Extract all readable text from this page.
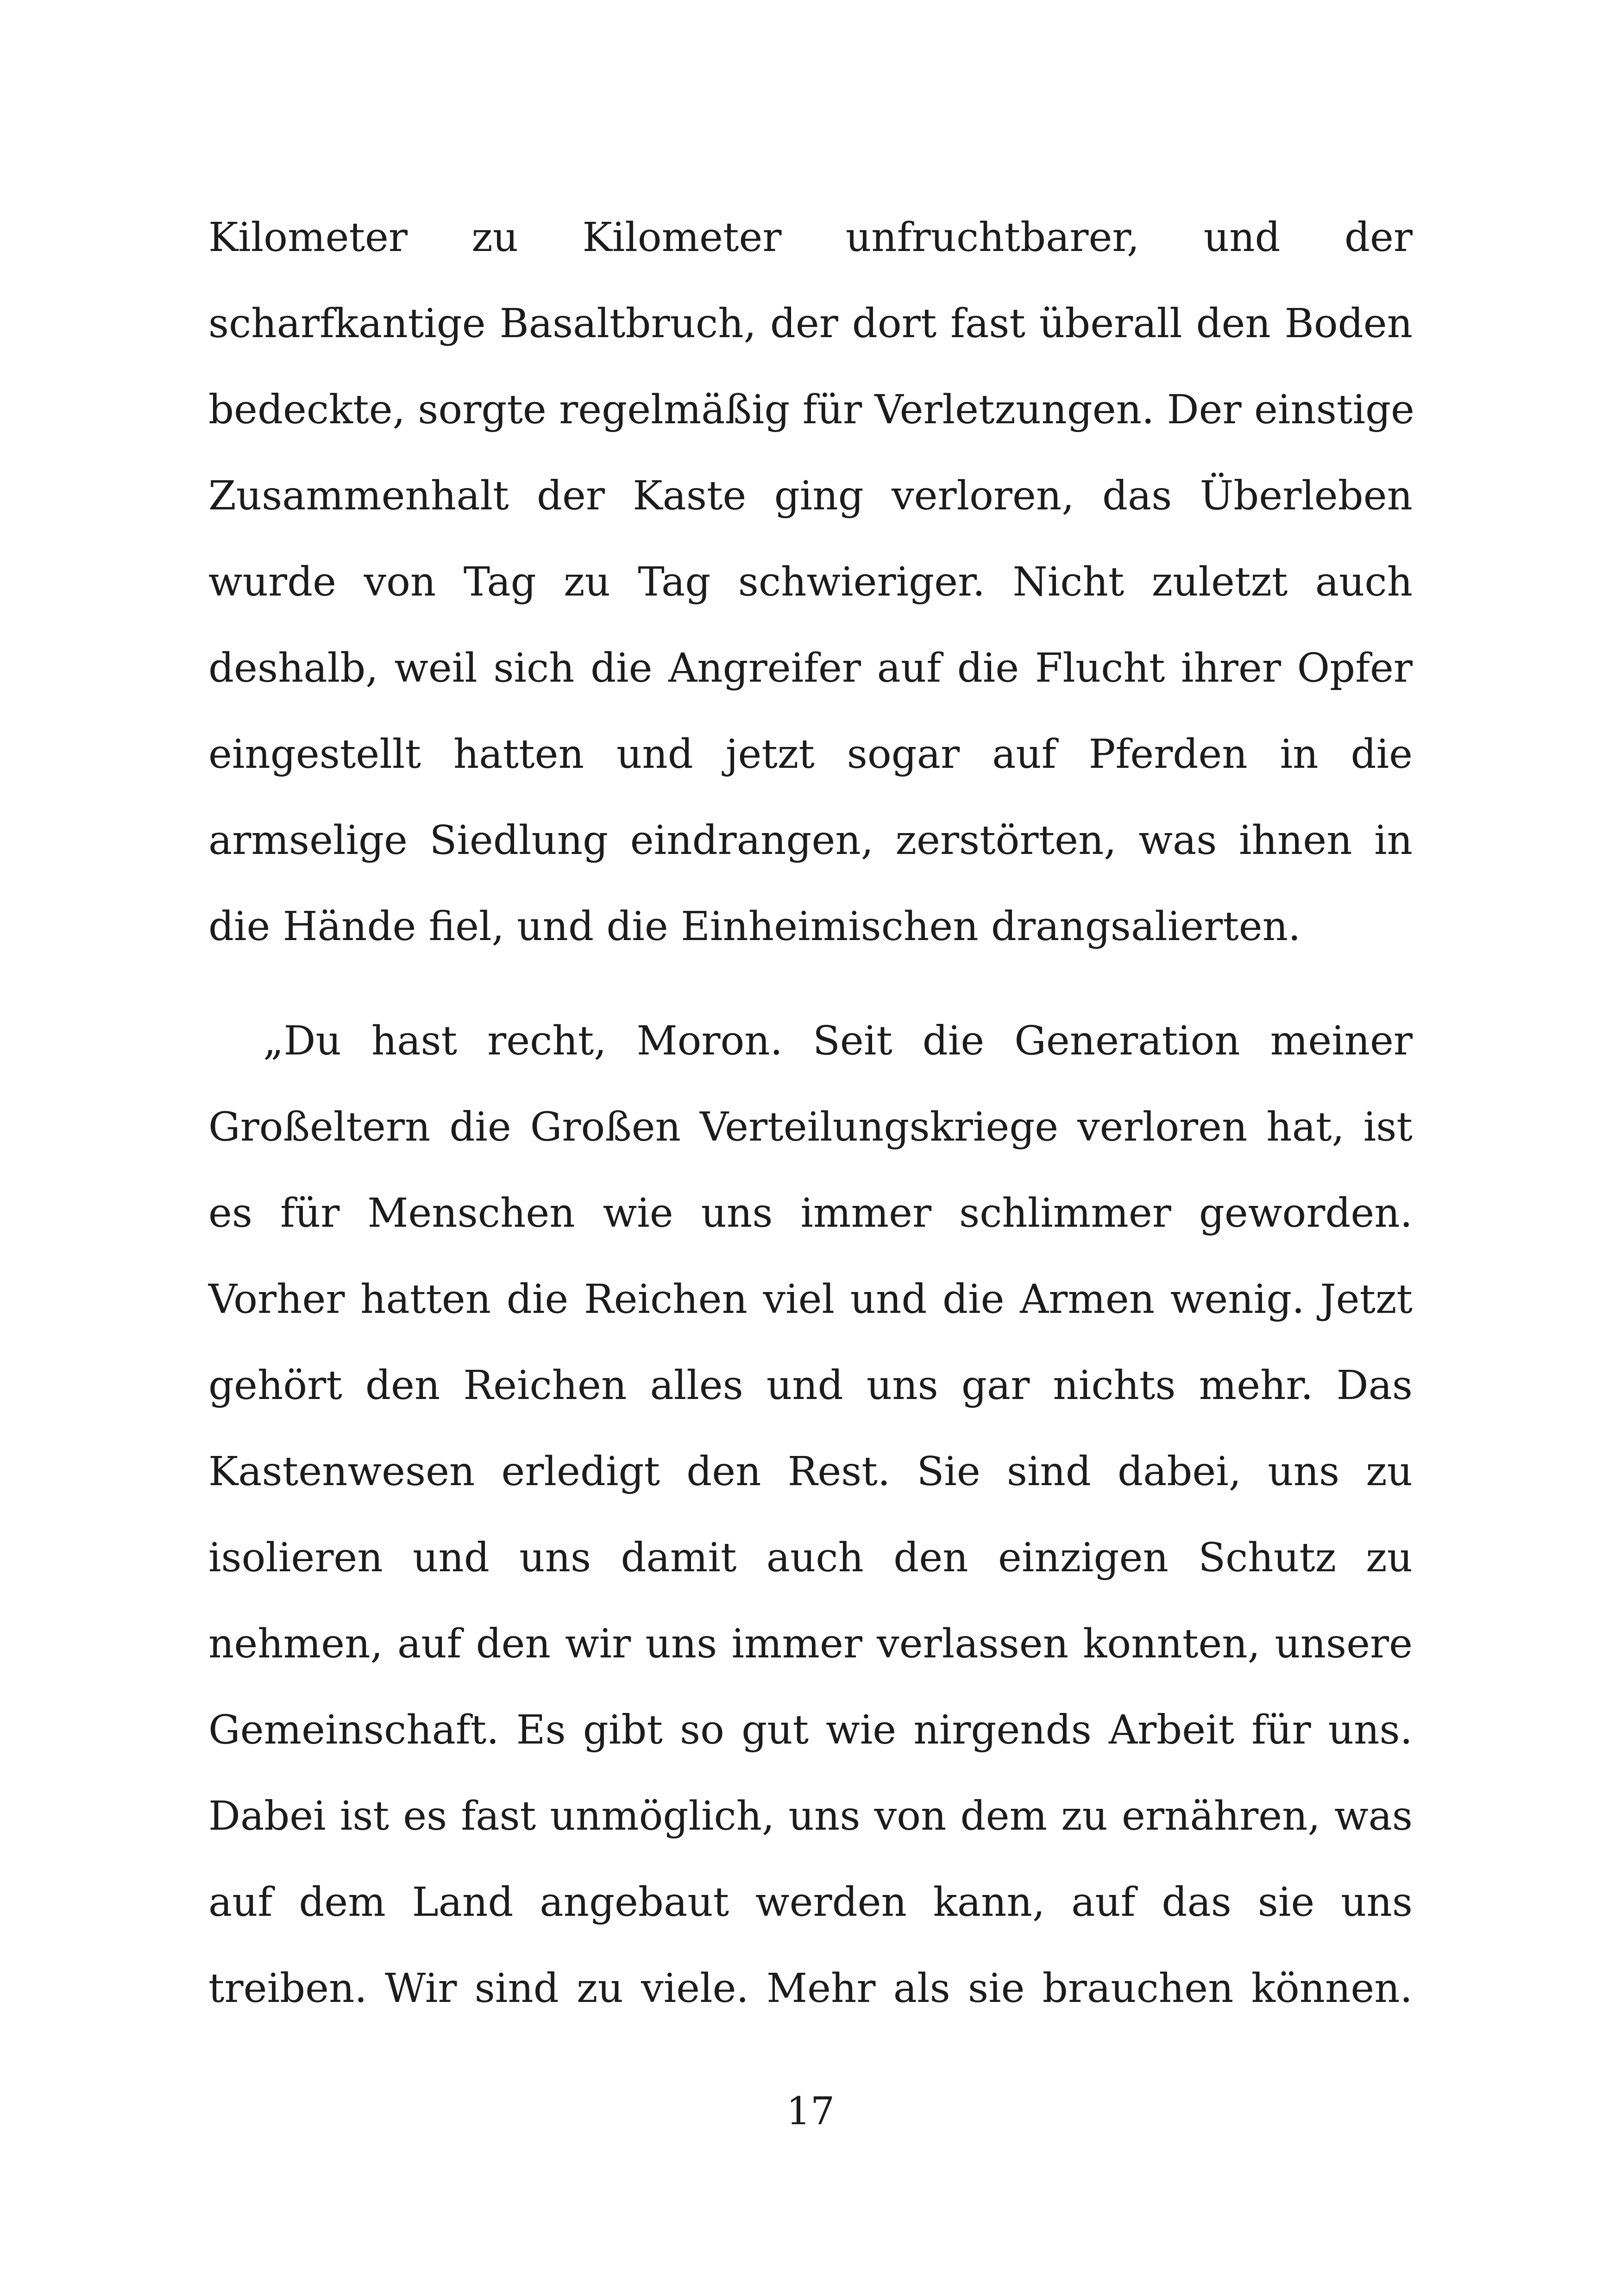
Kilometer zu Kilometer unfruchtbarer, und der
scharfkantige Basaltbruch, der dort fast überall den Boden
bedeckte, sorgte regelmäßig für Verletzungen. Der einstige
Zusammenhalt der Kaste ging verloren, das Überleben
wurde von Tag zu Tag schwieriger. Nicht zuletzt auch
deshalb, weil sich die Angreifer auf die Flucht ihrer Opfer
eingestellt hatten und jetzt sogar auf Pferden in die
armselige Siedlung eindrangen, zerstörten, was ihnen in
die Hände fiel, und die Einheimischen drangsalierten.
„Du hast recht, Moron. Seit die Generation meiner
Großeltern die Großen Verteilungskriege verloren hat, ist
es für Menschen wie uns immer schlimmer geworden.
Vorher hatten die Reichen viel und die Armen wenig. Jetzt
gehört den Reichen alles und uns gar nichts mehr. Das
Kastenwesen erledigt den Rest. Sie sind dabei, uns zu
isolieren und uns damit auch den einzigen Schutz zu
nehmen, auf den wir uns immer verlassen konnten, unsere
Gemeinschaft. Es gibt so gut wie nirgends Arbeit für uns.
Dabei ist es fast unmöglich, uns von dem zu ernähren, was
auf dem Land angebaut werden kann, auf das sie uns
treiben. Wir sind zu viele. Mehr als sie brauchen können.
17
